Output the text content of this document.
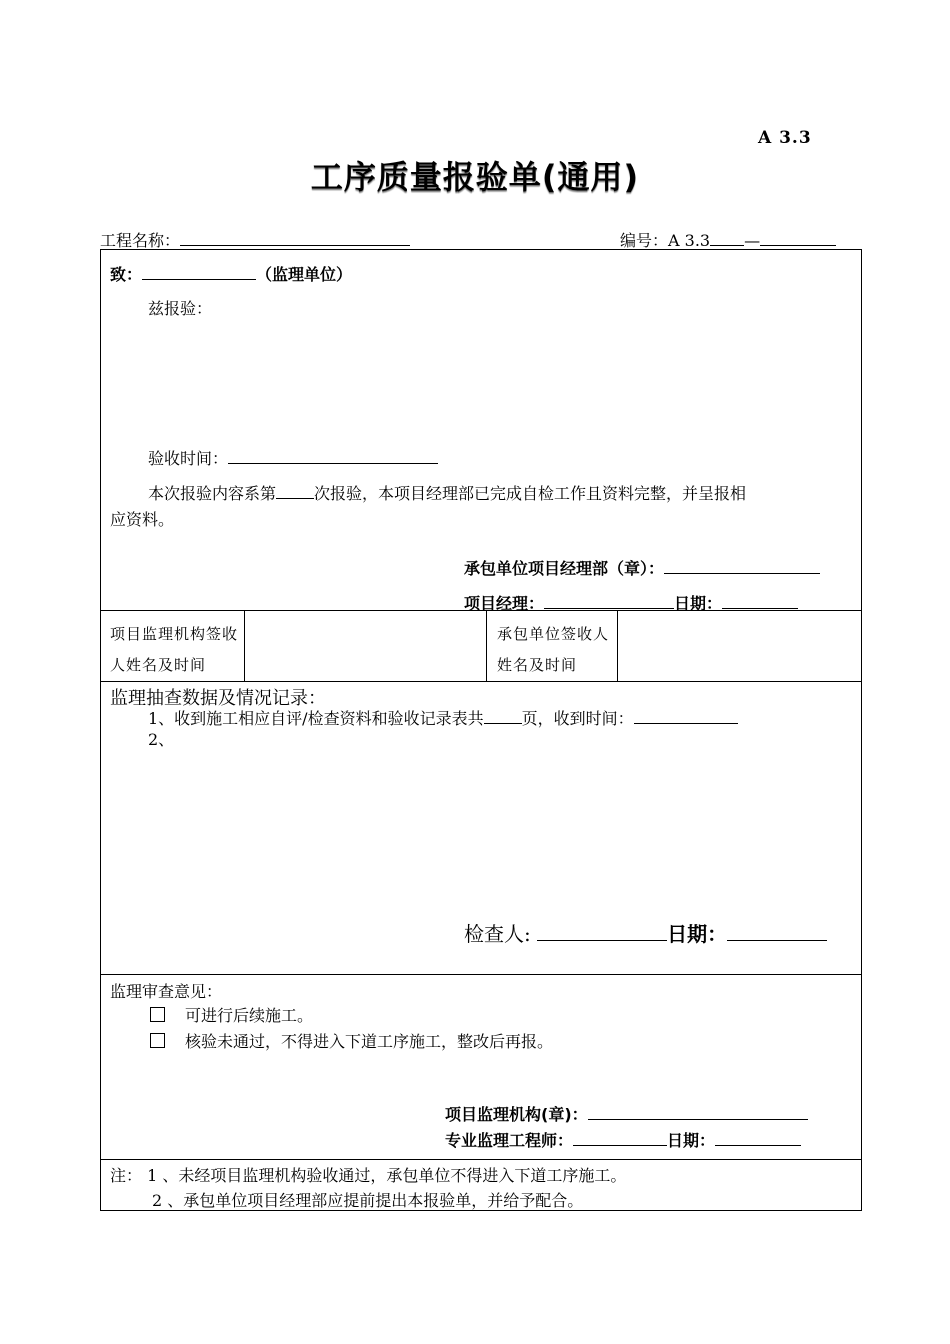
A 3.3
工序质量报验单(通用)
工程名称：	编号：A 3.3 —
致：	（监理单位）
兹报验：
验收时间：
本次报验内容系第 次报验，本项目经理部已完成自检工作且资料完整，并呈报相
应资料。
承包单位项目经理部（章）：
项目经理：	日期：
项目监理机构签收人姓名及时间
承包单位签收人姓名及时间
监理抽查数据及情况记录：
1、收到施工相应自评/检查资料和验收记录表共 页，收到时间：
2、
检查人:	日期：
监理审查意见：
可进行后续施工。
核验未通过，不得进入下道工序施工，整改后再报。
项目监理机构(章)：
专业监理工程师：	日期：
注： 1 、未经项目监理机构验收通过，承包单位不得进入下道工序施工。
2 、承包单位项目经理部应提前提出本报验单，并给予配合。
